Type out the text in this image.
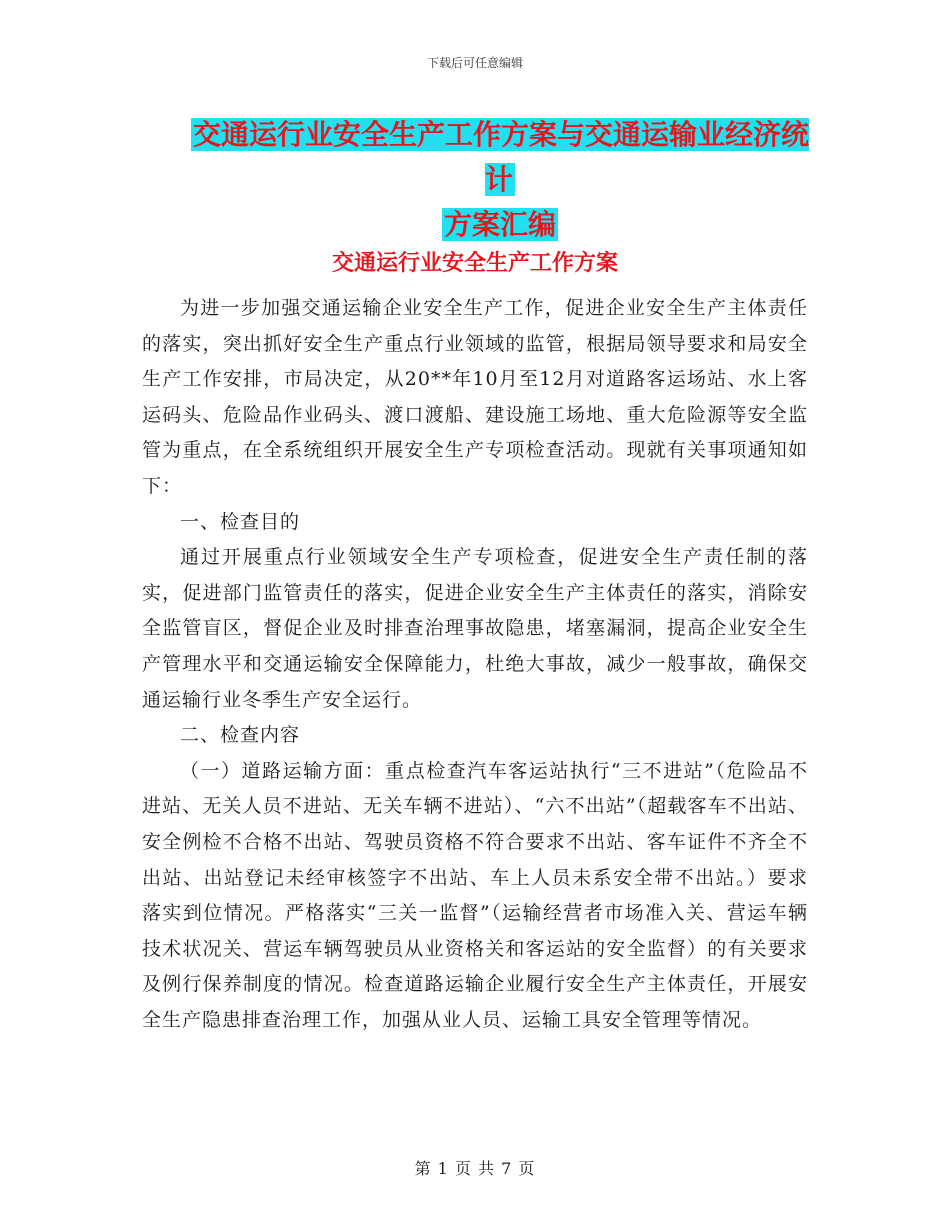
下载后可任意编辑
交通运行业安全生产工作方案与交通运输业经济统计
方案汇编
交通运行业安全生产工作方案

为进一步加强交通运输企业安全生产工作，促进企业安全生产主体责任的落实，突出抓好安全生产重点行业领域的监管，根据局领导要求和局安全生产工作安排，市局决定，从20**年10月至12月对道路客运场站、水上客运码头、危险品作业码头、渡口渡船、建设施工场地、重大危险源等安全监管为重点，在全系统组织开展安全生产专项检查活动。现就有关事项通知如下：

一、检查目的

通过开展重点行业领域安全生产专项检查，促进安全生产责任制的落实，促进部门监管责任的落实，促进企业安全生产主体责任的落实，消除安全监管盲区，督促企业及时排查治理事故隐患，堵塞漏洞，提高企业安全生产管理水平和交通运输安全保障能力，杜绝大事故，减少一般事故，确保交通运输行业冬季生产安全运行。

二、检查内容

（一）道路运输方面：重点检查汽车客运站执行“三不进站”（危险品不进站、无关人员不进站、无关车辆不进站）、“六不出站”（超载客车不出站、安全例检不合格不出站、驾驶员资格不符合要求不出站、客车证件不齐全不出站、出站登记未经审核签字不出站、车上人员未系安全带不出站。）要求落实到位情况。严格落实“三关一监督”（运输经营者市场准入关、营运车辆技术状况关、营运车辆驾驶员从业资格关和客运站的安全监督）的有关要求及例行保养制度的情况。检查道路运输企业履行安全生产主体责任，开展安全生产隐患排查治理工作，加强从业人员、运输工具安全管理等情况。

第 1 页 共 7 页
